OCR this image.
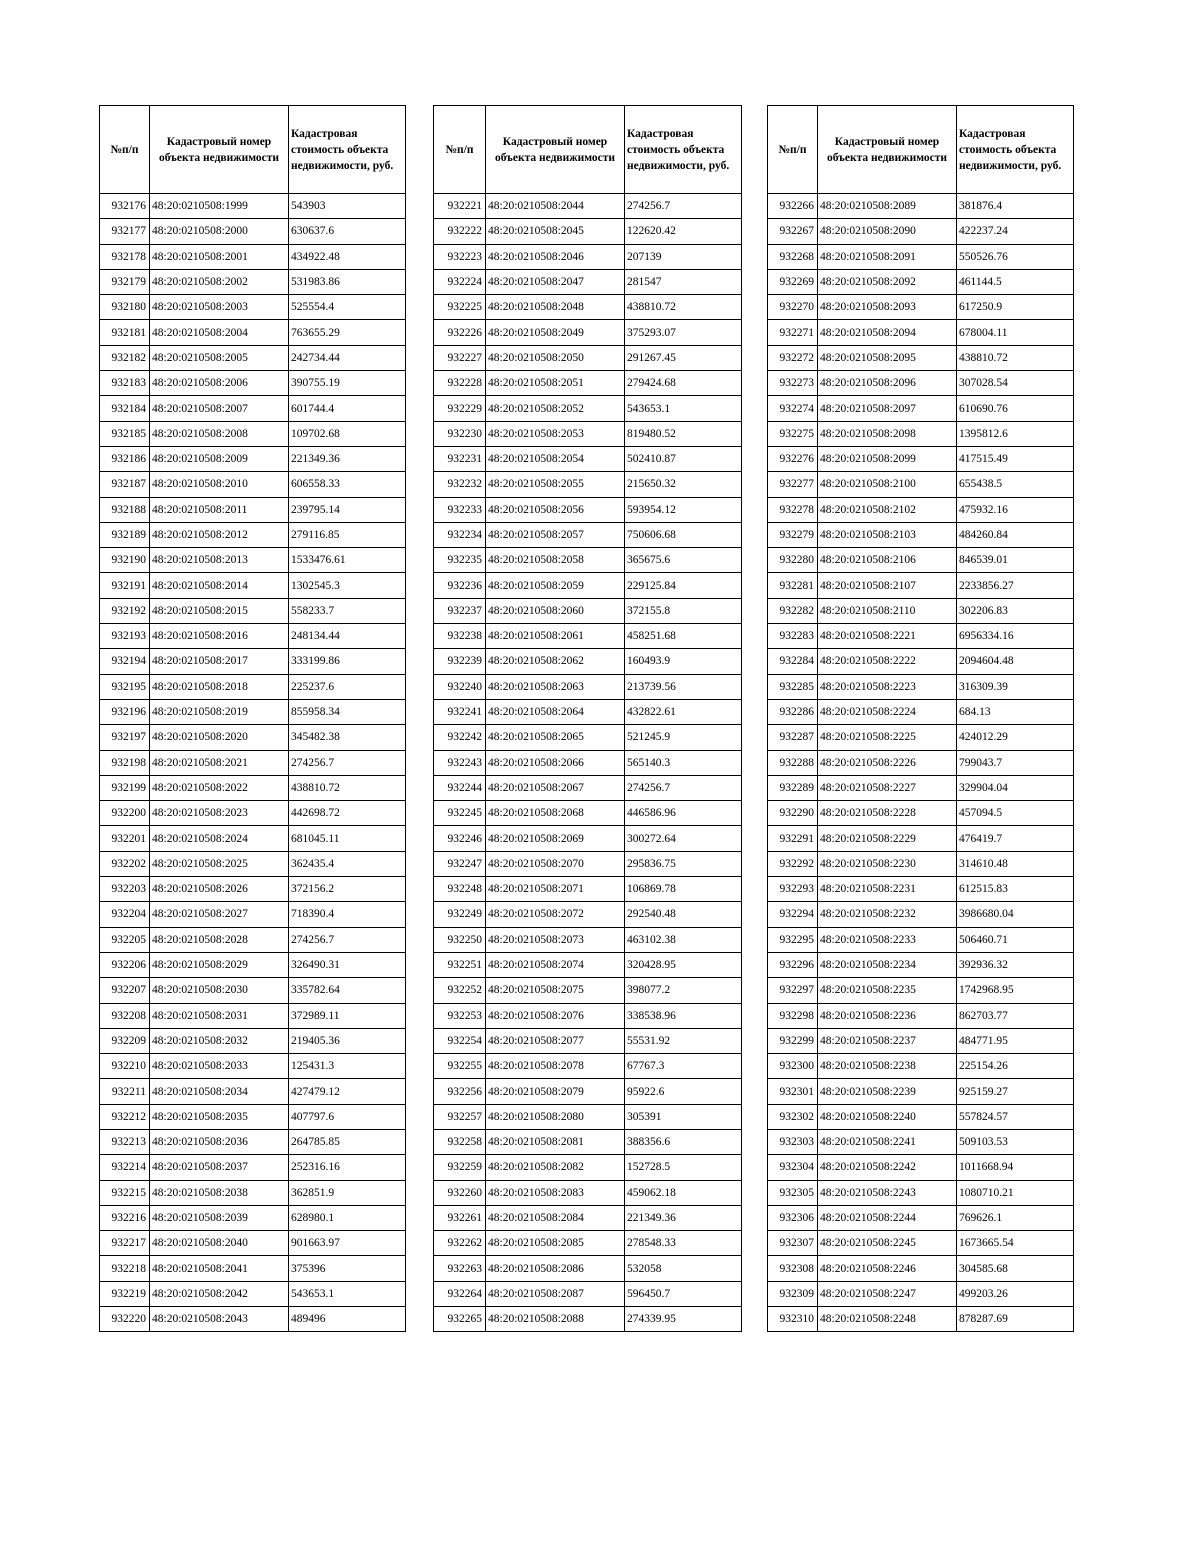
№п/п	Кадастровый номер объекта недвижимости	Кадастровая стоимость объекта недвижимости, руб.
932176	48:20:0210508:1999	543903
932177	48:20:0210508:2000	630637.6
932178	48:20:0210508:2001	434922.48
932179	48:20:0210508:2002	531983.86
932180	48:20:0210508:2003	525554.4
932181	48:20:0210508:2004	763655.29
932182	48:20:0210508:2005	242734.44
932183	48:20:0210508:2006	390755.19
932184	48:20:0210508:2007	601744.4
932185	48:20:0210508:2008	109702.68
932186	48:20:0210508:2009	221349.36
932187	48:20:0210508:2010	606558.33
932188	48:20:0210508:2011	239795.14
932189	48:20:0210508:2012	279116.85
932190	48:20:0210508:2013	1533476.61
932191	48:20:0210508:2014	1302545.3
932192	48:20:0210508:2015	558233.7
932193	48:20:0210508:2016	248134.44
932194	48:20:0210508:2017	333199.86
932195	48:20:0210508:2018	225237.6
932196	48:20:0210508:2019	855958.34
932197	48:20:0210508:2020	345482.38
932198	48:20:0210508:2021	274256.7
932199	48:20:0210508:2022	438810.72
932200	48:20:0210508:2023	442698.72
932201	48:20:0210508:2024	681045.11
932202	48:20:0210508:2025	362435.4
932203	48:20:0210508:2026	372156.2
932204	48:20:0210508:2027	718390.4
932205	48:20:0210508:2028	274256.7
932206	48:20:0210508:2029	326490.31
932207	48:20:0210508:2030	335782.64
932208	48:20:0210508:2031	372989.11
932209	48:20:0210508:2032	219405.36
932210	48:20:0210508:2033	125431.3
932211	48:20:0210508:2034	427479.12
932212	48:20:0210508:2035	407797.6
932213	48:20:0210508:2036	264785.85
932214	48:20:0210508:2037	252316.16
932215	48:20:0210508:2038	362851.9
932216	48:20:0210508:2039	628980.1
932217	48:20:0210508:2040	901663.97
932218	48:20:0210508:2041	375396
932219	48:20:0210508:2042	543653.1
932220	48:20:0210508:2043	489496
№п/п	Кадастровый номер объекта недвижимости	Кадастровая стоимость объекта недвижимости, руб.
932221	48:20:0210508:2044	274256.7
932222	48:20:0210508:2045	122620.42
932223	48:20:0210508:2046	207139
932224	48:20:0210508:2047	281547
932225	48:20:0210508:2048	438810.72
932226	48:20:0210508:2049	375293.07
932227	48:20:0210508:2050	291267.45
932228	48:20:0210508:2051	279424.68
932229	48:20:0210508:2052	543653.1
932230	48:20:0210508:2053	819480.52
932231	48:20:0210508:2054	502410.87
932232	48:20:0210508:2055	215650.32
932233	48:20:0210508:2056	593954.12
932234	48:20:0210508:2057	750606.68
932235	48:20:0210508:2058	365675.6
932236	48:20:0210508:2059	229125.84
932237	48:20:0210508:2060	372155.8
932238	48:20:0210508:2061	458251.68
932239	48:20:0210508:2062	160493.9
932240	48:20:0210508:2063	213739.56
932241	48:20:0210508:2064	432822.61
932242	48:20:0210508:2065	521245.9
932243	48:20:0210508:2066	565140.3
932244	48:20:0210508:2067	274256.7
932245	48:20:0210508:2068	446586.96
932246	48:20:0210508:2069	300272.64
932247	48:20:0210508:2070	295836.75
932248	48:20:0210508:2071	106869.78
932249	48:20:0210508:2072	292540.48
932250	48:20:0210508:2073	463102.38
932251	48:20:0210508:2074	320428.95
932252	48:20:0210508:2075	398077.2
932253	48:20:0210508:2076	338538.96
932254	48:20:0210508:2077	55531.92
932255	48:20:0210508:2078	67767.3
932256	48:20:0210508:2079	95922.6
932257	48:20:0210508:2080	305391
932258	48:20:0210508:2081	388356.6
932259	48:20:0210508:2082	152728.5
932260	48:20:0210508:2083	459062.18
932261	48:20:0210508:2084	221349.36
932262	48:20:0210508:2085	278548.33
932263	48:20:0210508:2086	532058
932264	48:20:0210508:2087	596450.7
932265	48:20:0210508:2088	274339.95
№п/п	Кадастровый номер объекта недвижимости	Кадастровая стоимость объекта недвижимости, руб.
932266	48:20:0210508:2089	381876.4
932267	48:20:0210508:2090	422237.24
932268	48:20:0210508:2091	550526.76
932269	48:20:0210508:2092	461144.5
932270	48:20:0210508:2093	617250.9
932271	48:20:0210508:2094	678004.11
932272	48:20:0210508:2095	438810.72
932273	48:20:0210508:2096	307028.54
932274	48:20:0210508:2097	610690.76
932275	48:20:0210508:2098	1395812.6
932276	48:20:0210508:2099	417515.49
932277	48:20:0210508:2100	655438.5
932278	48:20:0210508:2102	475932.16
932279	48:20:0210508:2103	484260.84
932280	48:20:0210508:2106	846539.01
932281	48:20:0210508:2107	2233856.27
932282	48:20:0210508:2110	302206.83
932283	48:20:0210508:2221	6956334.16
932284	48:20:0210508:2222	2094604.48
932285	48:20:0210508:2223	316309.39
932286	48:20:0210508:2224	684.13
932287	48:20:0210508:2225	424012.29
932288	48:20:0210508:2226	799043.7
932289	48:20:0210508:2227	329904.04
932290	48:20:0210508:2228	457094.5
932291	48:20:0210508:2229	476419.7
932292	48:20:0210508:2230	314610.48
932293	48:20:0210508:2231	612515.83
932294	48:20:0210508:2232	3986680.04
932295	48:20:0210508:2233	506460.71
932296	48:20:0210508:2234	392936.32
932297	48:20:0210508:2235	1742968.95
932298	48:20:0210508:2236	862703.77
932299	48:20:0210508:2237	484771.95
932300	48:20:0210508:2238	225154.26
932301	48:20:0210508:2239	925159.27
932302	48:20:0210508:2240	557824.57
932303	48:20:0210508:2241	509103.53
932304	48:20:0210508:2242	1011668.94
932305	48:20:0210508:2243	1080710.21
932306	48:20:0210508:2244	769626.1
932307	48:20:0210508:2245	1673665.54
932308	48:20:0210508:2246	304585.68
932309	48:20:0210508:2247	499203.26
932310	48:20:0210508:2248	878287.69
